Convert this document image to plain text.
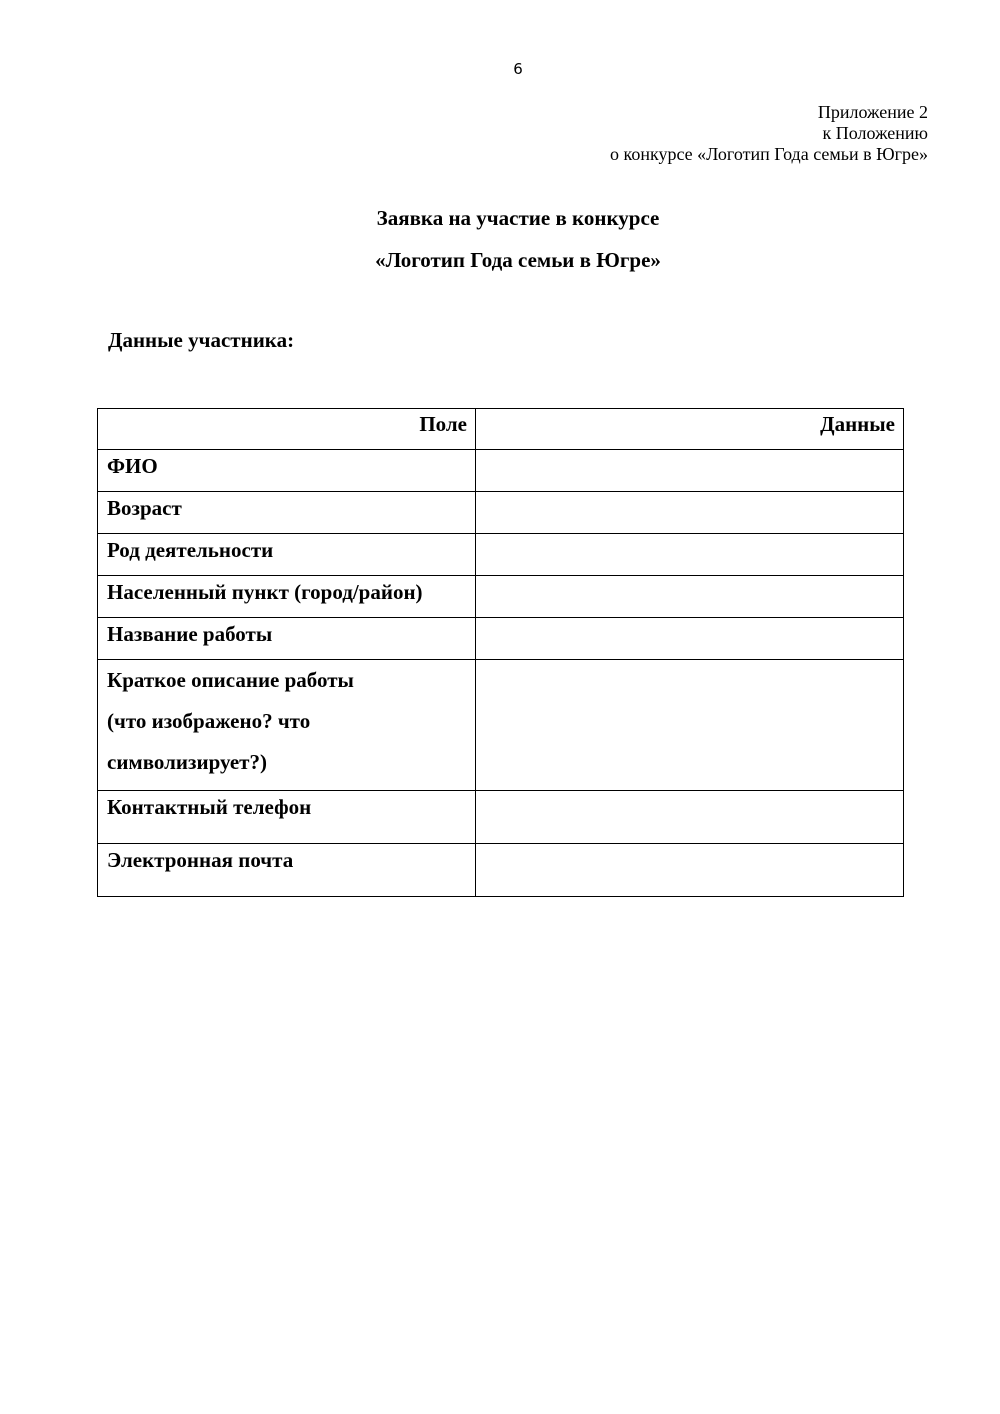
6
Приложение 2
к Положению
о конкурсе «Логотип Года семьи в Югре»
Заявка на участие в конкурсе
«Логотип Года семьи в Югре»
Данные участника:
Поле	Данные
ФИО	
Возраст	
Род деятельности	
Населенный пункт (город/район)	
Название работы	

Краткое описание работы
(что изображено? что
символизирует?)	

Контактный телефон	
Электронная почта	
